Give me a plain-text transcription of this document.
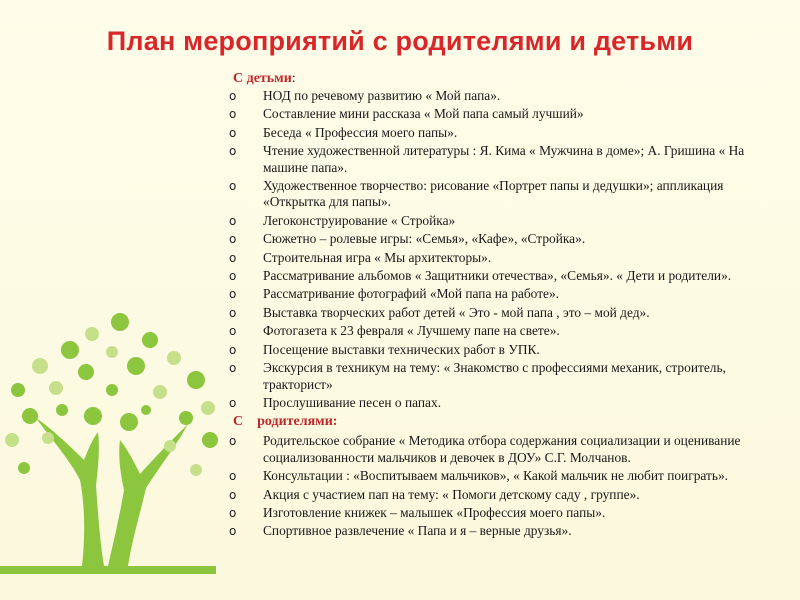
План мероприятий с родителями и детьми
С детьми:
o НОД по речевому развитию « Мой папа».
o Составление мини рассказа « Мой папа самый лучший»
o Беседа « Профессия моего папы».
o Чтение художественной литературы : Я. Кима « Мужчина в доме»; А. Гришина « На машине папа».
o Художественное творчество: рисование «Портрет папы и дедушки»; аппликация «Открытка для папы».
o Легоконструирование « Стройка»
o Сюжетно – ролевые игры: «Семья», «Кафе», «Стройка».
o Строительная игра « Мы архитекторы».
o Рассматривание альбомов « Защитники отечества», «Семья». « Дети и родители».
o Рассматривание фотографий «Мой папа на работе».
o Выставка творческих работ детей « Это - мой папа , это – мой дед».
o Фотогазета к 23 февраля « Лучшему папе на свете».
o Посещение выставки технических работ в УПК.
o Экскурсия в техникум на тему: « Знакомство с профессиями механик, строитель, тракторист»
o Прослушивание песен о папах.
С родителями:
o Родительское собрание « Методика отбора содержания социализации и оценивание социализованности мальчиков и девочек в ДОУ» С.Г. Молчанов.
o Консультации : «Воспитываем мальчиков», « Какой мальчик не любит поиграть».
o Акция с участием пап на тему: « Помоги детскому саду , группе».
o Изготовление книжек – малышек «Профессия моего папы».
o Спортивное развлечение « Папа и я – верные друзья».
